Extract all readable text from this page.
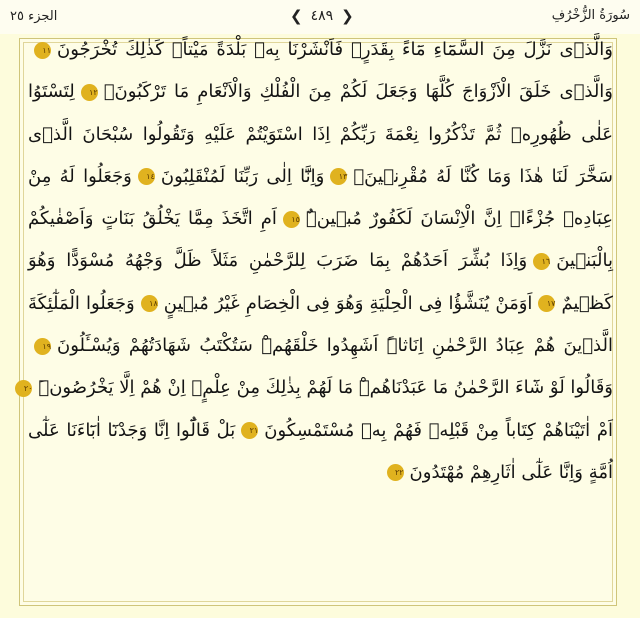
الجزء ٢٥	❮ ٤٨٩ ❯	سُورَةُ الزُّخْرُفِ
وَالَّذٖى نَزَّلَ مِنَ السَّمَٓاءِ مَٓاءً بِقَدَرٍۚ فَاَنْشَرْنَا بِهٖ بَلْدَةً مَيْتاًۚ كَذٰلِكَ تُخْرَجُونَ١١
وَالَّذٖى خَلَقَ الْاَزْوَاجَ كُلَّهَا وَجَعَلَ لَكُمْ مِنَ الْفُلْكِ وَالْاَنْعَامِ مَا تَرْكَبُونَۙ١٢لِتَسْتَوُا
عَلٰى ظُهُورِهٖ ثُمَّ تَذْكُرُوا نِعْمَةَ رَبِّكُمْ اِذَا اسْتَوَيْتُمْ عَلَيْهِ وَتَقُولُوا سُبْحَانَ الَّذٖى
سَخَّرَ لَنَا هٰذَا وَمَا كُنَّا لَهُ مُقْرِنٖينَۙ١٣وَاِنَّٓا اِلٰى رَبِّنَا لَمُنْقَلِبُونَ١٤وَجَعَلُوا لَهُ مِنْ
عِبَادِهٖ جُزْءًاۜ اِنَّ الْاِنْسَانَ لَكَفُورٌ مُبٖينٌۜ١٥اَمِ اتَّخَذَ مِمَّا يَخْلُقُ بَنَاتٍ وَاَصْفٰيكُمْ
بِالْبَنٖينَ١٦وَاِذَا بُشِّرَ اَحَدُهُمْ بِمَا ضَرَبَ لِلرَّحْمٰنِ مَثَلاً ظَلَّ وَجْهُهُ مُسْوَدًّا وَهُوَ
كَظٖيمٌ١٧اَوَمَنْ يُنَشَّؤُا فِى الْحِلْيَةِ وَهُوَ فِى الْخِصَامِ غَيْرُ مُبٖينٍ١٨وَجَعَلُوا الْمَلٰٓئِكَةَ
الَّذٖينَ هُمْ عِبَادُ الرَّحْمٰنِ اِنَاثاًۜ اَشَهِدُوا خَلْقَهُمْۜ سَتُكْتَبُ شَهَادَتُهُمْ وَيُسْـَٔلُونَ١٩
وَقَالُوا لَوْ شَٓاءَ الرَّحْمٰنُ مَا عَبَدْنَاهُمْۜ مَا لَهُمْ بِذٰلِكَ مِنْ عِلْمٍۗ اِنْ هُمْ اِلَّا يَخْرُصُونَۜ٢٠
اَمْ اٰتَيْنَاهُمْ كِتَاباً مِنْ قَبْلِهٖ فَهُمْ بِهٖ مُسْتَمْسِكُونَ٢١بَلْ قَالُٓوا اِنَّا وَجَدْنَٓا اٰبَٓاءَنَا عَلٰٓى
اُمَّةٍ وَاِنَّا عَلٰٓى اٰثَارِهِمْ مُهْتَدُونَ٢٢
